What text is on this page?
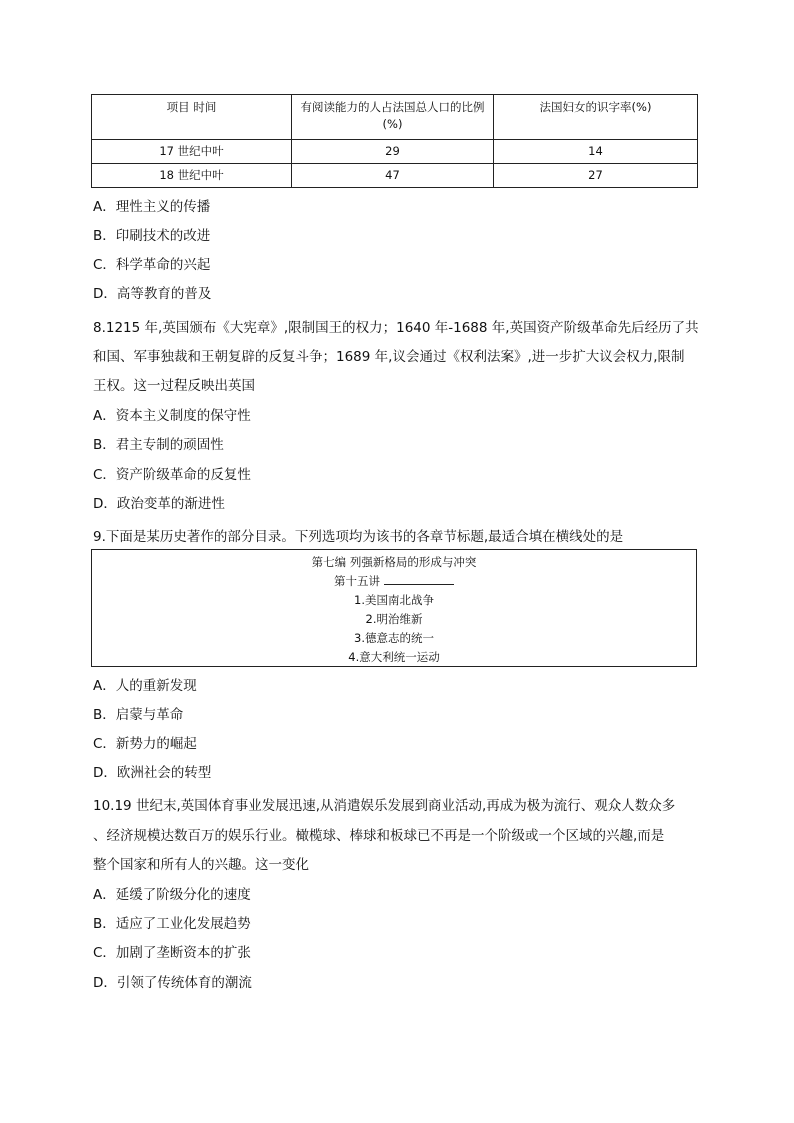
项目 时间	有阅读能力的人占法国总人口的比例(%)	法国妇女的识字率(%)
17 世纪中叶	29	14
18 世纪中叶	47	27
A．理性主义的传播
B．印刷技术的改进
C．科学革命的兴起
D．高等教育的普及
8.1215 年,英国颁布《大宪章》,限制国王的权力；1640 年-1688 年,英国资产阶级革命先后经历了共
和国、军事独裁和王朝复辟的反复斗争；1689 年,议会通过《权利法案》,进一步扩大议会权力,限制
王权。这一过程反映出英国
A．资本主义制度的保守性
B．君主专制的顽固性
C．资产阶级革命的反复性
D．政治变革的渐进性
9.下面是某历史著作的部分目录。下列选项均为该书的各章节标题,最适合填在横线处的是
第七编 列强新格局的形成与冲突
第十五讲
1.美国南北战争
2.明治维新
3.德意志的统一
4.意大利统一运动
A．人的重新发现
B．启蒙与革命
C．新势力的崛起
D．欧洲社会的转型
10.19 世纪末,英国体育事业发展迅速,从消遣娱乐发展到商业活动,再成为极为流行、观众人数众多
、经济规模达数百万的娱乐行业。橄榄球、棒球和板球已不再是一个阶级或一个区域的兴趣,而是
整个国家和所有人的兴趣。这一变化
A．延缓了阶级分化的速度
B．适应了工业化发展趋势
C．加剧了垄断资本的扩张
D．引领了传统体育的潮流
